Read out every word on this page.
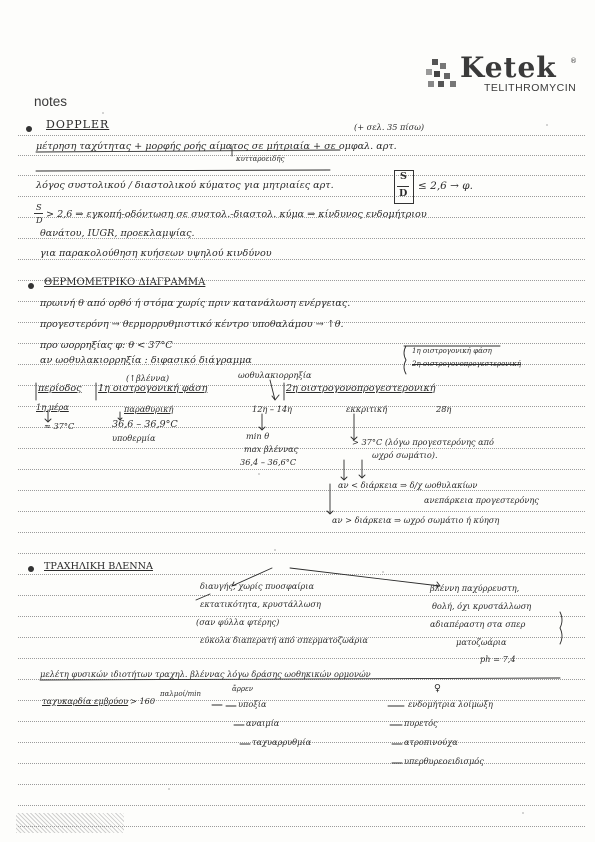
Ketek ®
TELITHROMYCIN
notes
DOPPLER	(+ σελ. 35 πίσω)
μέτρηση ταχύτητας + μορφής ροής αίματος σε μήτριαία + σε ομφαλ. αρτ.
κυτταροειδής
λόγος συστολικού / διαστολικού κύματος για μητριαίες αρτ.
S
D
≤ 2,6 → φ.
S
D > 2,6 ⇒ εγκοπή-οδόντωση σε συστολ.-διαστολ. κύμα ⇒ κίνδυνος ενδομήτριου
θανάτου, IUGR, προεκλαμψίας.
για παρακολούθηση κυήσεων υψηλού κινδύνου
ΘΕΡΜΟΜΕΤΡΙΚΟ ΔΙΑΓΡΑΜΜΑ
πρωινή θ από ορθό ή στόμα χωρίς πριν κατανάλωση ενέργειας.
προγεστερόνη → θερμορρυθμιστικό κέντρο υποθαλάμου → ↑θ.
προ ωορρηξίας φ: θ < 37°C
αν ωοθυλακιορρηξία : διφασικό διάγραμμα
1η οιστρογονική φάση
2η οιστρογονοπρογεστερονική
ωοθυλακιορρηξία
(↑βλέννα)
περίοδος 1η οιστρογονική φάση	2η οιστρογονοπρογεστερονική
1η μέρα	παραθυρική	12η – 14η	εκκριτική	28η
≈ 37°C	36,6 – 36,9°C
υποθερμία	min θ
max βλέννας
36,4 – 36,6°C
> 37°C (λόγω προγεστερόνης από
ωχρό σωμάτιο).
αν < διάρκεια ⇒ δ/χ ωοθυλακίων
ανεπάρκεια προγεστερόνης
αν > διάρκεια ⇒ ωχρό σωμάτιο ή κύηση
ΤΡΑΧΗΛΙΚΗ ΒΛΕΝΝΑ
διαυγής, χωρίς πυοσφαίρια
εκτατικότητα, κρυστάλλωση
(σαν φύλλα φτέρης)
εύκολα διαπερατή από σπερματοζωάρια
βλέννη παχύρρευστη,
θολή, όχι κρυστάλλωση
αδιαπέραστη στα σπερ
ματοζωάρια
ph = 7,4
μελέτη φυσικών ιδιοτήτων τραχηλ. βλέννας λόγω δράσης ωοθηκικών ορμονών
ἄρρεν	♀
ταχυκαρδία εμβρύου > 160
παλμοί/min
υποξία
αναιμία
ταχυαρρυθμία
ενδομήτρια λοίμωξη
πυρετός
ατροπινούχα
υπερθυρεοειδισμός
